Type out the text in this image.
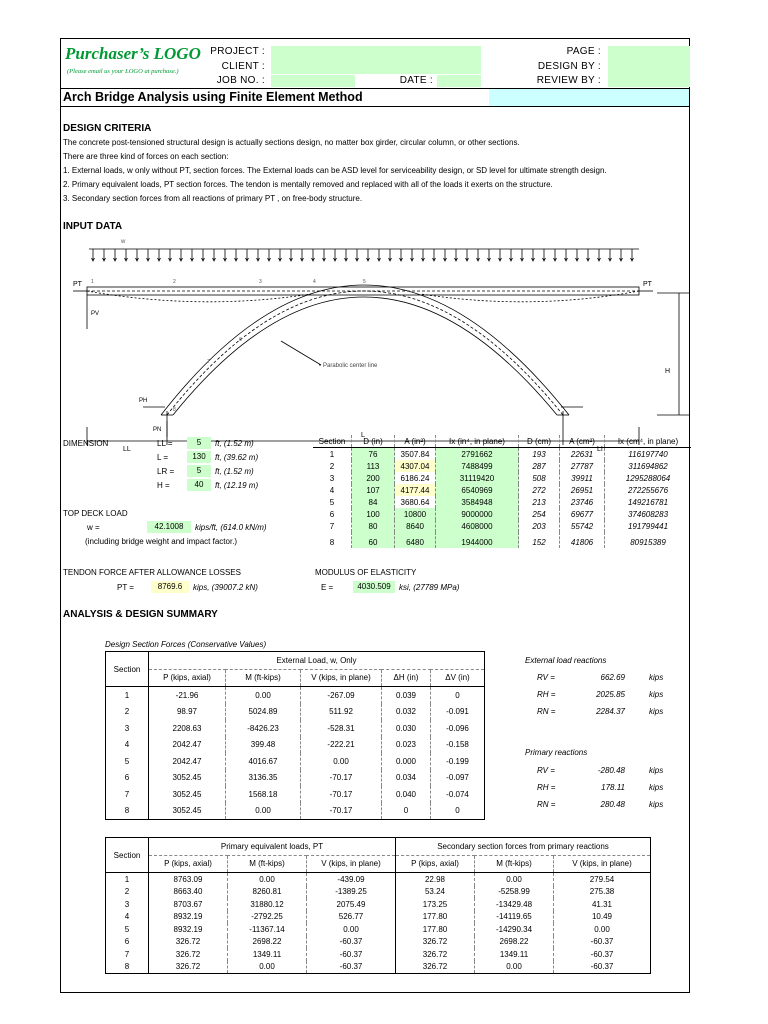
Purchaser’s LOGO
(Please email us your LOGO at purchase.)
PROJECT :
CLIENT :
JOB NO. :	DATE :
PAGE :
DESIGN BY :
REVIEW BY :
Arch Bridge Analysis using Finite Element Method
DESIGN CRITERIA
The concrete post-tensioned structural design is actually sections design, no matter box girder, circular column, or other sections.
There are three kind of forces on each section:
1. External loads, w only without PT, section forces. The External loads can be ASD level for serviceability design, or SD level for ultimate strength design.
2. Primary equivalent loads, PT section forces. The tendon is mentally removed and replaced with all of the loads it exerts on the structure.
3. Secondary section forces from all reactions of primary PT , on free-body structure.
INPUT DATA
w
PT	PT
PV
PH
PN
H
L
LL	LI
Parabolic center line
1	2	3	4	5
6
7
8
DIMENSION	LL =	5	ft, (1.52 m)
L =	130	ft, (39.62 m)
LR =	5	ft, (1.52 m)
H =	40	ft, (12.19 m)
TOP DECK LOAD
w =	42.1008	kips/ft, (614.0 kN/m)
(including bridge weight and impact factor.)
TENDON FORCE AFTER ALLOWANCE LOSSES
PT =	8769.6	kips, (39007.2 kN)
MODULUS OF ELASTICITY
E =	4030.509	ksi, (27789 MPa)
Section	D (in)	A (in²)	Ix (in⁴, in plane)	D (cm)	A (cm²)	Ix (cm⁴, in plane)
1	76	3507.84	2791662	193	22631	116197740
2	113	4307.04	7488499	287	27787	311694862
3	200	6186.24	31119420	508	39911	1295288064
4	107	4177.44	6540969	272	26951	272255676
5	84	3680.64	3584948	213	23746	149216781
6	100	10800	9000000	254	69677	374608283
7	80	8640	4608000	203	55742	191799441
8	60	6480	1944000	152	41806	80915389
ANALYSIS & DESIGN SUMMARY
Design Section Forces (Conservative Values)
Section	External Load, w, Only				
	P (kips, axial)	M (ft-kips)	V (kips, in plane)	ΔH (in)	ΔV (in)
1	-21.96	0.00	-267.09	0.039	0
2	98.97	5024.89	511.92	0.032	-0.091
3	2208.63	-8426.23	-528.31	0.030	-0.096
4	2042.47	399.48	-222.21	0.023	-0.158
5	2042.47	4016.67	0.00	0.000	-0.199
6	3052.45	3136.35	-70.17	0.034	-0.097
7	3052.45	1568.18	-70.17	0.040	-0.074
8	3052.45	0.00	-70.17	0	0
External load reactions
Primary reactions
RV =	662.69	kips
RH =	2025.85	kips
RN =	2284.37	kips
RV =	-280.48	kips
RH =	178.11	kips
RN =	280.48	kips
Section	Primary equivalent loads, PT			Secondary section forces from primary reactions		
	P (kips, axial)	M (ft-kips)	V (kips, in plane)	P (kips, axial)	M (ft-kips)	V (kips, in plane)
1	8763.09	0.00	-439.09	22.98	0.00	279.54
2	8663.40	8260.81	-1389.25	53.24	-5258.99	275.38
3	8703.67	31880.12	2075.49	173.25	-13429.48	41.31
4	8932.19	-2792.25	526.77	177.80	-14119.65	10.49
5	8932.19	-11367.14	0.00	177.80	-14290.34	0.00
6	326.72	2698.22	-60.37	326.72	2698.22	-60.37
7	326.72	1349.11	-60.37	326.72	1349.11	-60.37
8	326.72	0.00	-60.37	326.72	0.00	-60.37
